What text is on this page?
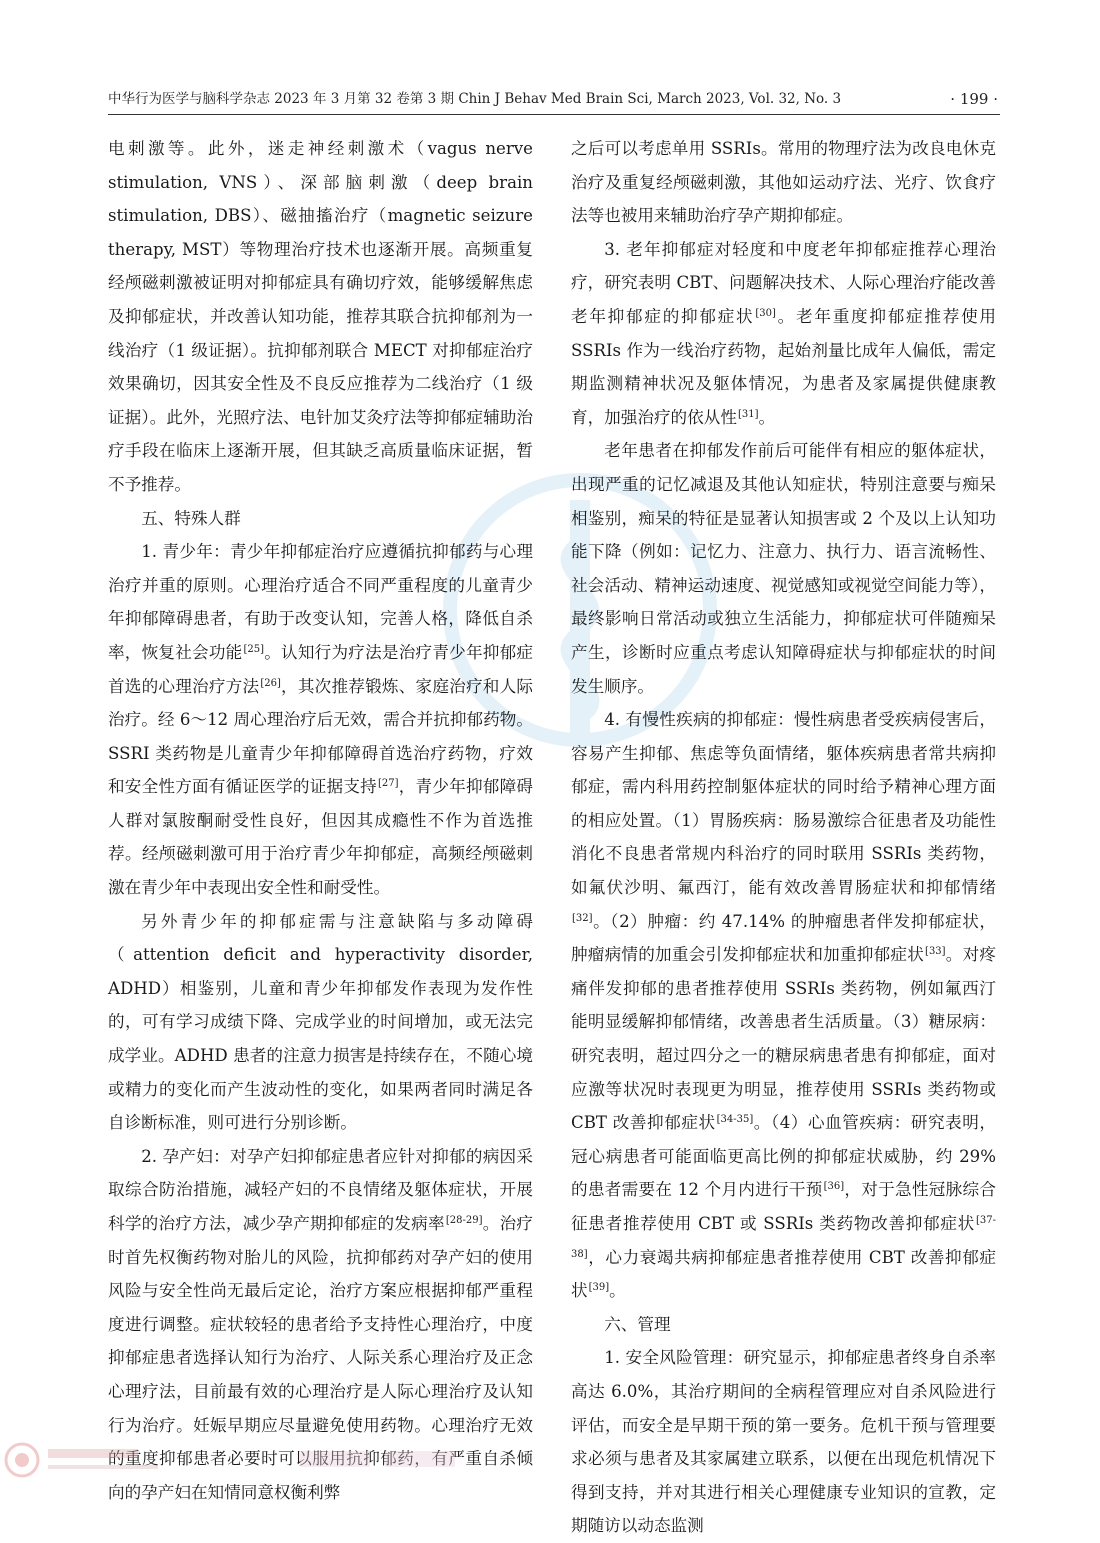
中华行为医学与脑科学杂志 2023 年 3 月第 32 卷第 3 期 Chin J Behav Med Brain Sci, March 2023, Vol. 32, No. 3	· 199 ·

电刺激等。此外，迷走神经刺激术（vagus nerve stimulation, VNS）、深部脑刺激（deep brain stimulation, DBS）、磁抽搐治疗（magnetic seizure therapy, MST）等物理治疗技术也逐渐开展。高频重复经颅磁刺激被证明对抑郁症具有确切疗效，能够缓解焦虑及抑郁症状，并改善认知功能，推荐其联合抗抑郁剂为一线治疗（1 级证据）。抗抑郁剂联合 MECT 对抑郁症治疗效果确切，因其安全性及不良反应推荐为二线治疗（1 级证据）。此外，光照疗法、电针加艾灸疗法等抑郁症辅助治疗手段在临床上逐渐开展，但其缺乏高质量临床证据，暂不予推荐。

五、特殊人群

1. 青少年：青少年抑郁症治疗应遵循抗抑郁药与心理治疗并重的原则。心理治疗适合不同严重程度的儿童青少年抑郁障碍患者，有助于改变认知，完善人格，降低自杀率，恢复社会功能[25]。认知行为疗法是治疗青少年抑郁症首选的心理治疗方法[26]，其次推荐锻炼、家庭治疗和人际治疗。经 6～12 周心理治疗后无效，需合并抗抑郁药物。SSRI 类药物是儿童青少年抑郁障碍首选治疗药物，疗效和安全性方面有循证医学的证据支持[27]，青少年抑郁障碍人群对氯胺酮耐受性良好，但因其成瘾性不作为首选推荐。经颅磁刺激可用于治疗青少年抑郁症，高频经颅磁刺激在青少年中表现出安全性和耐受性。

另外青少年的抑郁症需与注意缺陷与多动障碍（attention deficit and hyperactivity disorder, ADHD）相鉴别，儿童和青少年抑郁发作表现为发作性的，可有学习成绩下降、完成学业的时间增加，或无法完成学业。ADHD 患者的注意力损害是持续存在，不随心境或精力的变化而产生波动性的变化，如果两者同时满足各自诊断标准，则可进行分别诊断。

2. 孕产妇：对孕产妇抑郁症患者应针对抑郁的病因采取综合防治措施，减轻产妇的不良情绪及躯体症状，开展科学的治疗方法，减少孕产期抑郁症的发病率[28-29]。治疗时首先权衡药物对胎儿的风险，抗抑郁药对孕产妇的使用风险与安全性尚无最后定论，治疗方案应根据抑郁严重程度进行调整。症状较轻的患者给予支持性心理治疗，中度抑郁症患者选择认知行为治疗、人际关系心理治疗及正念心理疗法，目前最有效的心理治疗是人际心理治疗及认知行为治疗。妊娠早期应尽量避免使用药物。心理治疗无效的重度抑郁患者必要时可以服用抗抑郁药，有严重自杀倾向的孕产妇在知情同意权衡利弊

之后可以考虑单用 SSRIs。常用的物理疗法为改良电休克治疗及重复经颅磁刺激，其他如运动疗法、光疗、饮食疗法等也被用来辅助治疗孕产期抑郁症。

3. 老年抑郁症对轻度和中度老年抑郁症推荐心理治疗，研究表明 CBT、问题解决技术、人际心理治疗能改善老年抑郁症的抑郁症状[30]。老年重度抑郁症推荐使用 SSRIs 作为一线治疗药物，起始剂量比成年人偏低，需定期监测精神状况及躯体情况，为患者及家属提供健康教育，加强治疗的依从性[31]。

老年患者在抑郁发作前后可能伴有相应的躯体症状，出现严重的记忆减退及其他认知症状，特别注意要与痴呆相鉴别，痴呆的特征是显著认知损害或 2 个及以上认知功能下降（例如：记忆力、注意力、执行力、语言流畅性、社会活动、精神运动速度、视觉感知或视觉空间能力等），最终影响日常活动或独立生活能力，抑郁症状可伴随痴呆产生，诊断时应重点考虑认知障碍症状与抑郁症状的时间发生顺序。

4. 有慢性疾病的抑郁症：慢性病患者受疾病侵害后，容易产生抑郁、焦虑等负面情绪，躯体疾病患者常共病抑郁症，需内科用药控制躯体症状的同时给予精神心理方面的相应处置。（1）胃肠疾病：肠易激综合征患者及功能性消化不良患者常规内科治疗的同时联用 SSRIs 类药物，如氟伏沙明、氟西汀，能有效改善胃肠症状和抑郁情绪[32]。（2）肿瘤：约 47.14% 的肿瘤患者伴发抑郁症状，肿瘤病情的加重会引发抑郁症状和加重抑郁症状[33]。对疼痛伴发抑郁的患者推荐使用 SSRIs 类药物，例如氟西汀能明显缓解抑郁情绪，改善患者生活质量。（3）糖尿病：研究表明，超过四分之一的糖尿病患者患有抑郁症，面对应激等状况时表现更为明显，推荐使用 SSRIs 类药物或 CBT 改善抑郁症状[34-35]。（4）心血管疾病：研究表明，冠心病患者可能面临更高比例的抑郁症状威胁，约 29% 的患者需要在 12 个月内进行干预[36]，对于急性冠脉综合征患者推荐使用 CBT 或 SSRIs 类药物改善抑郁症状[37-38]，心力衰竭共病抑郁症患者推荐使用 CBT 改善抑郁症状[39]。

六、管理

1. 安全风险管理：研究显示，抑郁症患者终身自杀率高达 6.0%，其治疗期间的全病程管理应对自杀风险进行评估，而安全是早期干预的第一要务。危机干预与管理要求必须与患者及其家属建立联系，以便在出现危机情况下得到支持，并对其进行相关心理健康专业知识的宣教，定期随访以动态监测
